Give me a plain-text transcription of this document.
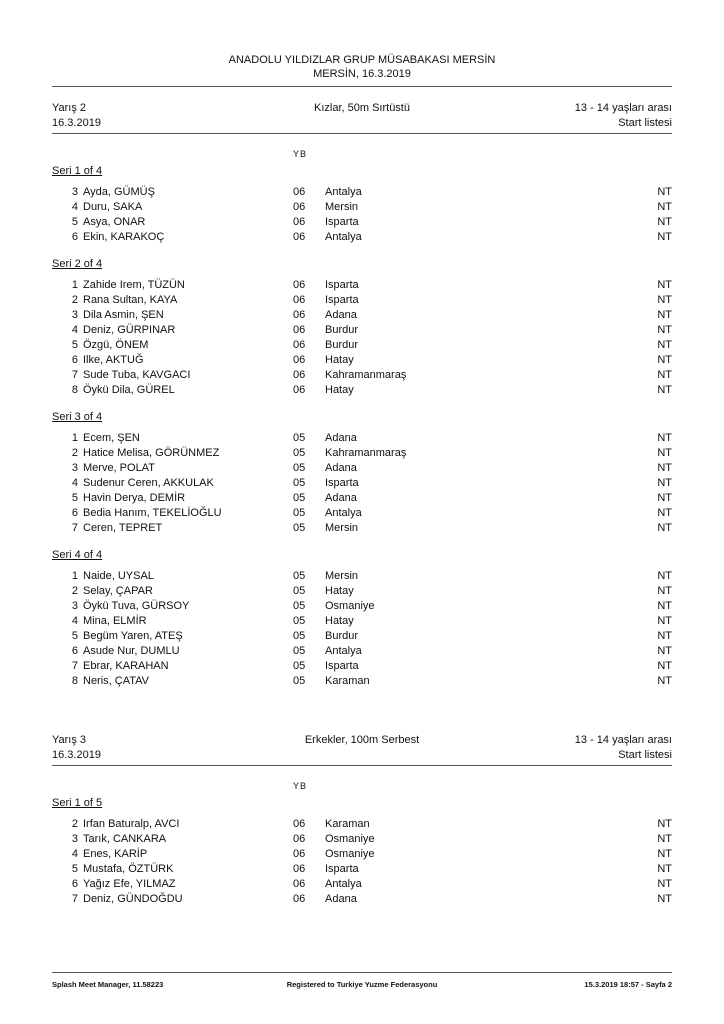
ANADOLU YILDIZLAR GRUP MÜSABAKASI MERSİN
MERSİN, 16.3.2019
Yarış 2
16.3.2019
Kızlar, 50m Sırtüstü	13 - 14 yaşları arası
Start listesi
YB
Seri 1 of 4
3 Ayda, GÜMÜŞ	06 Antalya	NT
4 Duru, SAKA	06 Mersin	NT
5 Asya, ONAR	06 Isparta	NT
6 Ekin, KARAKOÇ	06 Antalya	NT
Seri 2 of 4
1 Zahide Irem, TÜZÜN	06 Isparta	NT
2 Rana Sultan, KAYA	06 Isparta	NT
3 Dila Asmin, ŞEN	06 Adana	NT
4 Deniz, GÜRPINAR	06 Burdur	NT
5 Özgü, ÖNEM	06 Burdur	NT
6 Ilke, AKTUĞ	06 Hatay	NT
7 Sude Tuba, KAVGACI	06 Kahramanmaraş	NT
8 Öykü Dila, GÜREL	06 Hatay	NT
Seri 3 of 4
1 Ecem, ŞEN	05 Adana	NT
2 Hatice Melisa, GÖRÜNMEZ	05 Kahramanmaraş	NT
3 Merve, POLAT	05 Adana	NT
4 Sudenur Ceren, AKKULAK	05 Isparta	NT
5 Havin Derya, DEMİR	05 Adana	NT
6 Bedia Hanım, TEKELİOĞLU	05 Antalya	NT
7 Ceren, TEPRET	05 Mersin	NT
Seri 4 of 4
1 Naide, UYSAL	05 Mersin	NT
2 Selay, ÇAPAR	05 Hatay	NT
3 Öykü Tuva, GÜRSOY	05 Osmaniye	NT
4 Mina, ELMİR	05 Hatay	NT
5 Begüm Yaren, ATEŞ	05 Burdur	NT
6 Asude Nur, DUMLU	05 Antalya	NT
7 Ebrar, KARAHAN	05 Isparta	NT
8 Neris, ÇATAV	05 Karaman	NT
Yarış 3
16.3.2019
Erkekler, 100m Serbest	13 - 14 yaşları arası
Start listesi
YB
Seri 1 of 5
2 Irfan Baturalp, AVCI	06 Karaman	NT
3 Tarık, CANKARA	06 Osmaniye	NT
4 Enes, KARİP	06 Osmaniye	NT
5 Mustafa, ÖZTÜRK	06 Isparta	NT
6 Yağız Efe, YILMAZ	06 Antalya	NT
7 Deniz, GÜNDOĞDU	06 Adana	NT
Splash Meet Manager, 11.58223	Registered to Turkiye Yuzme Federasyonu	15.3.2019 18:57 - Sayfa 2
